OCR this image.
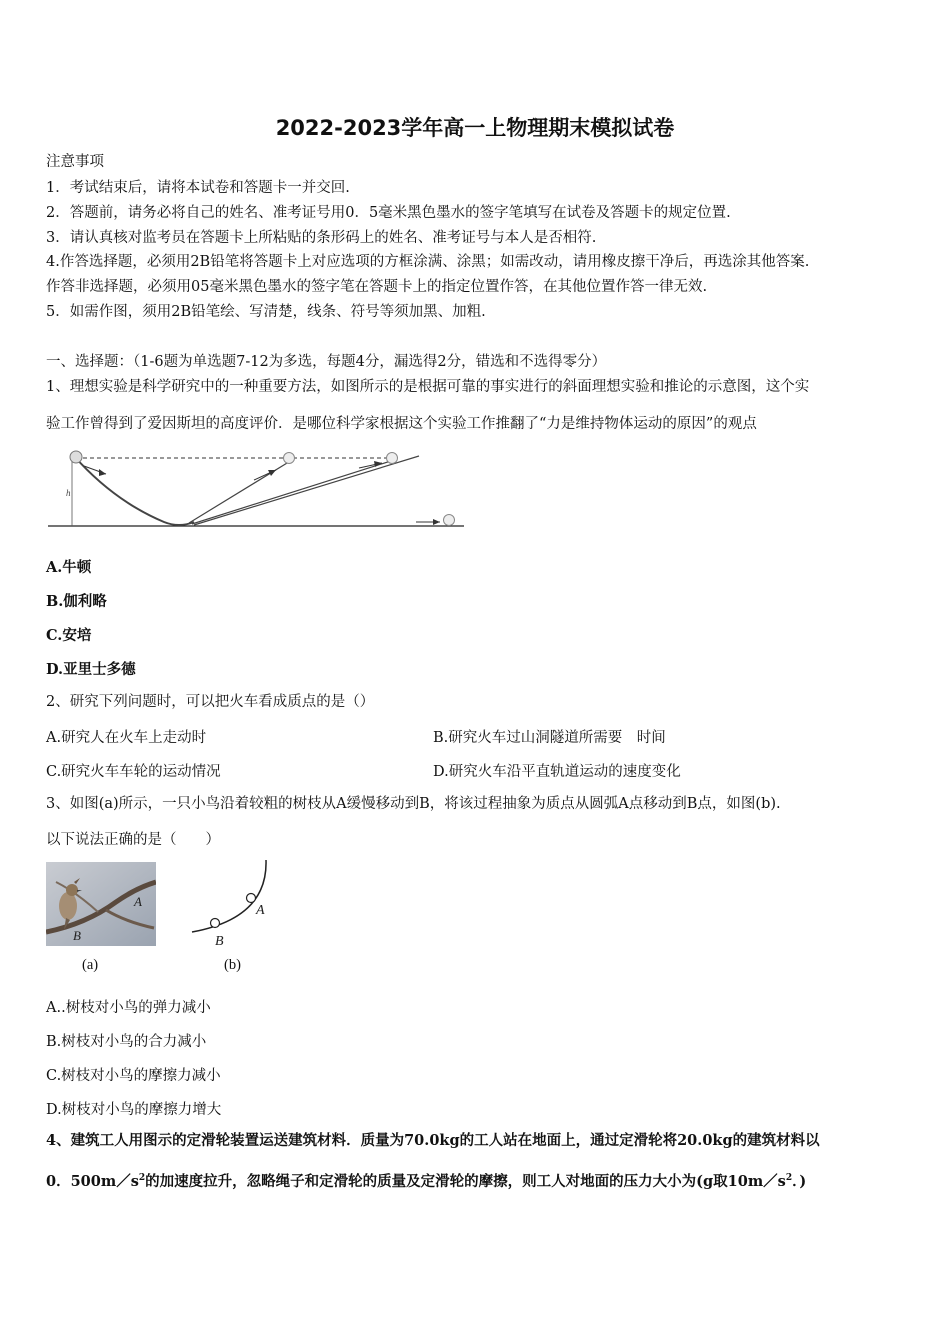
2022-2023学年高一上物理期末模拟试卷
注意事项
1．考试结束后，请将本试卷和答题卡一并交回.
2．答题前，请务必将自己的姓名、准考证号用0．5毫米黑色墨水的签字笔填写在试卷及答题卡的规定位置.
3．请认真核对监考员在答题卡上所粘贴的条形码上的姓名、准考证号与本人是否相符.
4.作答选择题，必须用2B铅笔将答题卡上对应选项的方框涂满、涂黑；如需改动，请用橡皮擦干净后，再选涂其他答案.
作答非选择题，必须用05毫米黑色墨水的签字笔在答题卡上的指定位置作答，在其他位置作答一律无效.
5．如需作图，须用2B铅笔绘、写清楚，线条、符号等须加黑、加粗.
一、选择题：（1-6题为单选题7-12为多选，每题4分，漏选得2分，错选和不选得零分）
1、理想实验是科学研究中的一种重要方法，如图所示的是根据可靠的事实进行的斜面理想实验和推论的示意图，这个实
验工作曾得到了爱因斯坦的高度评价．是哪位科学家根据这个实验工作推翻了“力是维持物体运动的原因”的观点
h
A.牛顿
B.伽利略
C.安培
D.亚里士多德
2、研究下列问题时，可以把火车看成质点的是（）
A.研究人在火车上走动时	B.研究火车过山洞隧道所需要　时间
C.研究火车车轮的运动情况	D.研究火车沿平直轨道运动的速度变化
3、如图(a)所示，一只小鸟沿着较粗的树枝从A缓慢移动到B，将该过程抽象为质点从圆弧A点移动到B点，如图(b).
以下说法正确的是（　　）
A
B
(a)
A
B
(b)
A..树枝对小鸟的弹力减小
B.树枝对小鸟的合力减小
C.树枝对小鸟的摩擦力减小
D.树枝对小鸟的摩擦力增大
4、建筑工人用图示的定滑轮装置运送建筑材料．质量为70.0kg的工人站在地面上，通过定滑轮将20.0kg的建筑材料以
0．$500m/s^2$的加速度拉升，忽略绳子和定滑轮的质量及定滑轮的摩擦，则工人对地面的压力大小为(g取$10m/s^2$．)
